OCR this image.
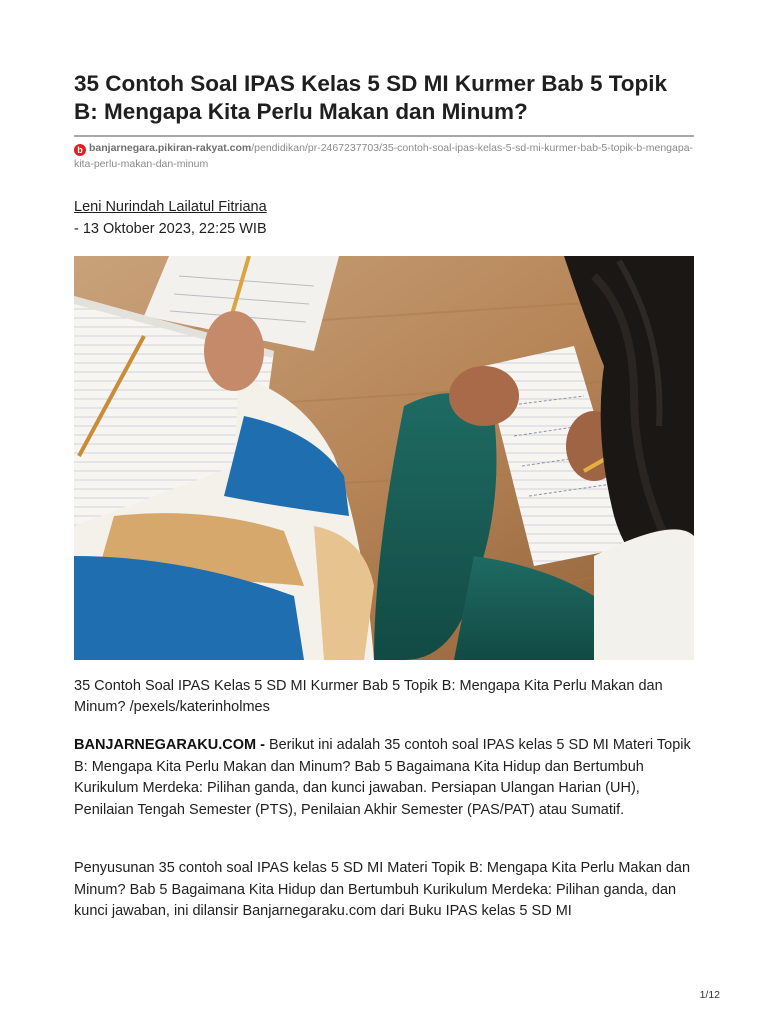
35 Contoh Soal IPAS Kelas 5 SD MI Kurmer Bab 5 Topik B: Mengapa Kita Perlu Makan dan Minum?
b banjarnegara.pikiran-rakyat.com/pendidikan/pr-2467237703/35-contoh-soal-ipas-kelas-5-sd-mi-kurmer-bab-5-topik-b-mengapa-kita-perlu-makan-dan-minum
Leni Nurindah Lailatul Fitriana
- 13 Oktober 2023, 22:25 WIB
35 Contoh Soal IPAS Kelas 5 SD MI Kurmer Bab 5 Topik B: Mengapa Kita Perlu Makan dan Minum? /pexels/katerinholmes
BANJARNEGARAKU.COM - Berikut ini adalah 35 contoh soal IPAS kelas 5 SD MI Materi Topik B: Mengapa Kita Perlu Makan dan Minum? Bab 5 Bagaimana Kita Hidup dan Bertumbuh Kurikulum Merdeka: Pilihan ganda, dan kunci jawaban. Persiapan Ulangan Harian (UH), Penilaian Tengah Semester (PTS), Penilaian Akhir Semester (PAS/PAT) atau Sumatif.
Penyusunan 35 contoh soal IPAS kelas 5 SD MI Materi Topik B: Mengapa Kita Perlu Makan dan Minum? Bab 5 Bagaimana Kita Hidup dan Bertumbuh Kurikulum Merdeka: Pilihan ganda, dan kunci jawaban, ini dilansir Banjarnegaraku.com dari Buku IPAS kelas 5 SD MI
1/12
